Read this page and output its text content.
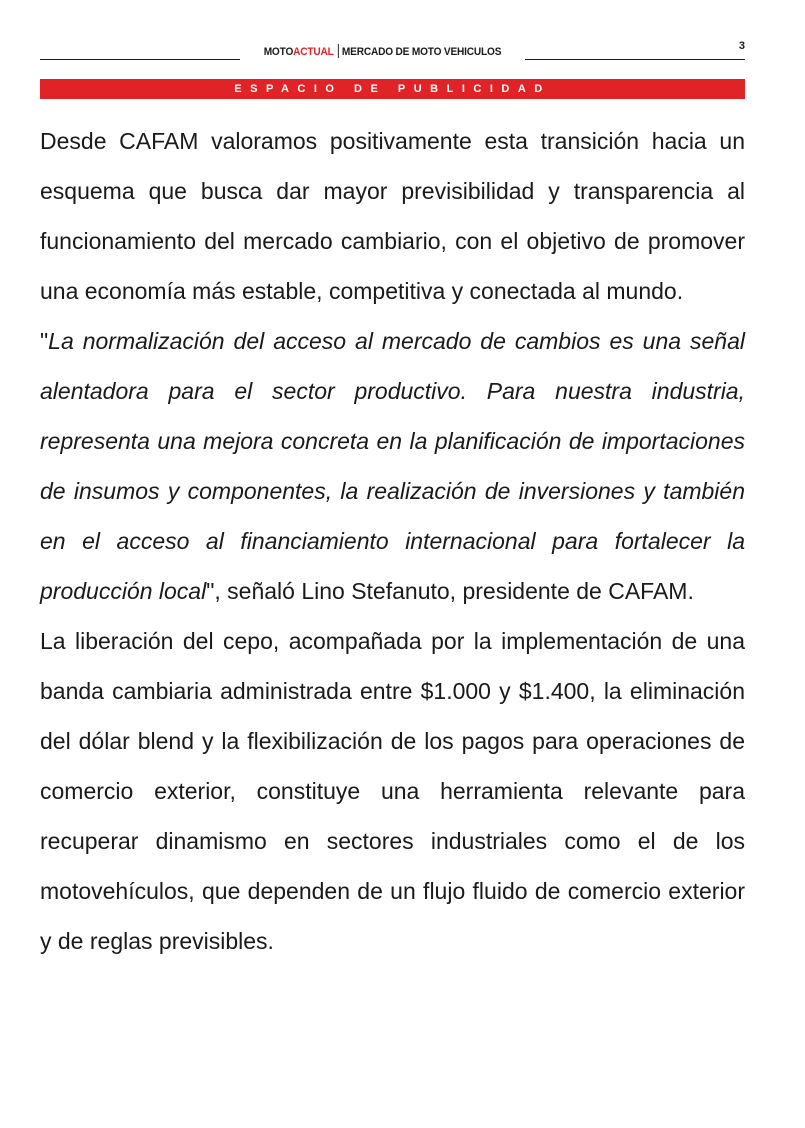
MOTOACTUAL MERCADO DE MOTO VEHICULOS	3
ESPACIO DE PUBLICIDAD

Desde CAFAM valoramos positivamente esta transición hacia un esquema que busca dar mayor previsibilidad y transparencia al funcionamiento del mercado cambiario, con el objetivo de promover una economía más estable, competitiva y conectada al mundo.

"La normalización del acceso al mercado de cambios es una señal alentadora para el sector productivo. Para nuestra industria, representa una mejora concreta en la planificación de importaciones de insumos y componentes, la realización de inversiones y también en el acceso al financiamiento internacional para fortalecer la producción local", señaló Lino Stefanuto, presidente de CAFAM.

La liberación del cepo, acompañada por la implementación de una banda cambiaria administrada entre $1.000 y $1.400, la eliminación del dólar blend y la flexibilización de los pagos para operaciones de comercio exterior, constituye una herramienta relevante para recuperar dinamismo en sectores industriales como el de los motovehículos, que dependen de un flujo fluido de comercio exterior y de reglas previsibles.
